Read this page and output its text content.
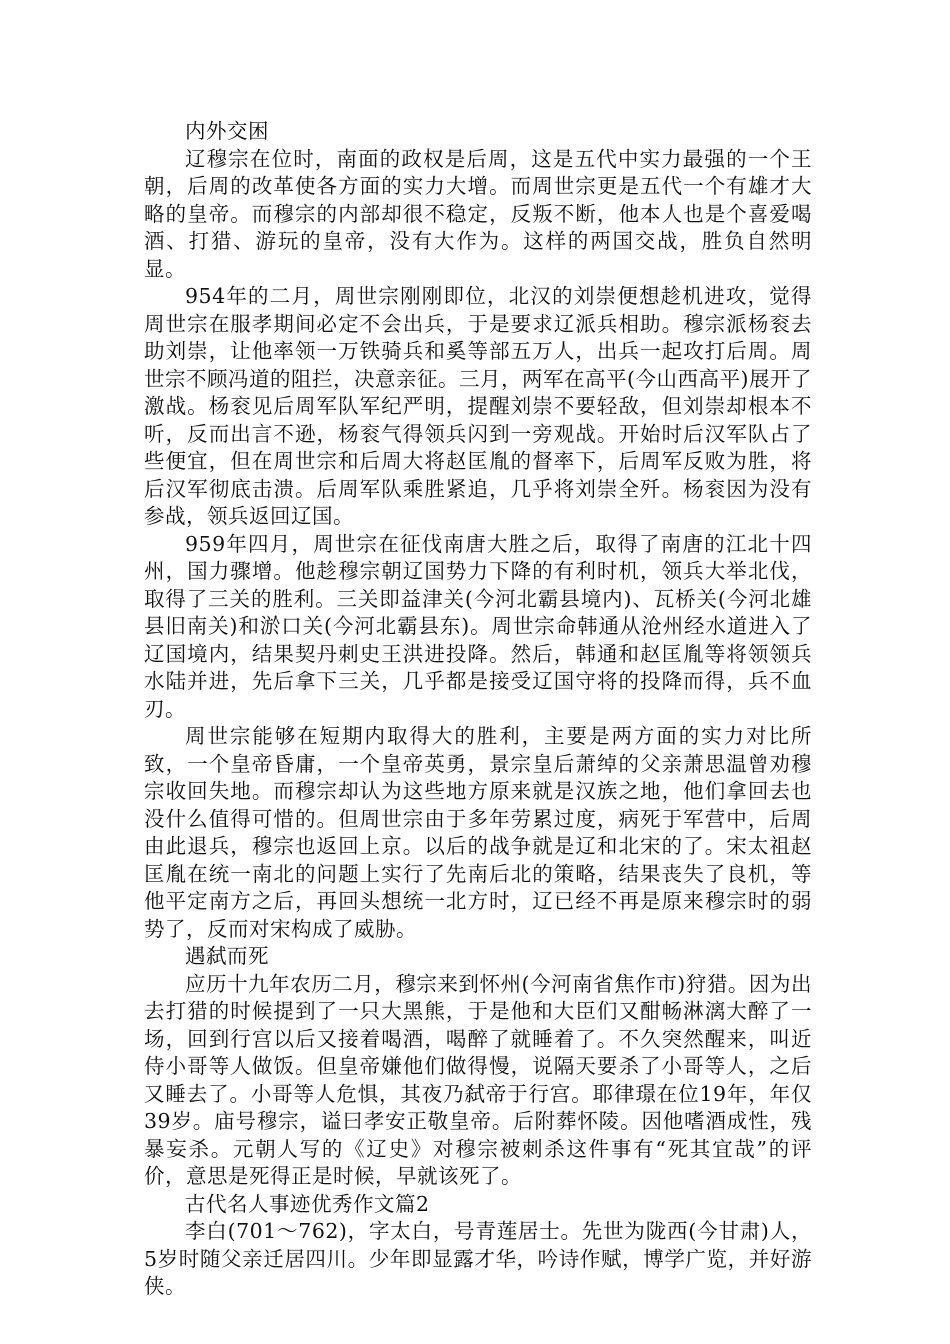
内外交困

辽穆宗在位时，南面的政权是后周，这是五代中实力最强的一个王朝，后周的改革使各方面的实力大增。而周世宗更是五代一个有雄才大略的皇帝。而穆宗的内部却很不稳定，反叛不断，他本人也是个喜爱喝酒、打猎、游玩的皇帝，没有大作为。这样的两国交战，胜负自然明显。

954年的二月，周世宗刚刚即位，北汉的刘崇便想趁机进攻，觉得周世宗在服孝期间必定不会出兵，于是要求辽派兵相助。穆宗派杨衮去助刘崇，让他率领一万铁骑兵和奚等部五万人，出兵一起攻打后周。周世宗不顾冯道的阻拦，决意亲征。三月，两军在高平(今山西高平)展开了激战。杨衮见后周军队军纪严明，提醒刘崇不要轻敌，但刘崇却根本不听，反而出言不逊，杨衮气得领兵闪到一旁观战。开始时后汉军队占了些便宜，但在周世宗和后周大将赵匡胤的督率下，后周军反败为胜，将后汉军彻底击溃。后周军队乘胜紧追，几乎将刘崇全歼。杨衮因为没有参战，领兵返回辽国。

959年四月，周世宗在征伐南唐大胜之后，取得了南唐的江北十四州，国力骤增。他趁穆宗朝辽国势力下降的有利时机，领兵大举北伐，取得了三关的胜利。三关即益津关(今河北霸县境内)、瓦桥关(今河北雄县旧南关)和淤口关(今河北霸县东)。周世宗命韩通从沧州经水道进入了辽国境内，结果契丹刺史王洪进投降。然后，韩通和赵匡胤等将领领兵水陆并进，先后拿下三关，几乎都是接受辽国守将的投降而得，兵不血刃。

周世宗能够在短期内取得大的胜利，主要是两方面的实力对比所致，一个皇帝昏庸，一个皇帝英勇，景宗皇后萧绰的父亲萧思温曾劝穆宗收回失地。而穆宗却认为这些地方原来就是汉族之地，他们拿回去也没什么值得可惜的。但周世宗由于多年劳累过度，病死于军营中，后周由此退兵，穆宗也返回上京。以后的战争就是辽和北宋的了。宋太祖赵匡胤在统一南北的问题上实行了先南后北的策略，结果丧失了良机，等他平定南方之后，再回头想统一北方时，辽已经不再是原来穆宗时的弱势了，反而对宋构成了威胁。

遇弑而死

应历十九年农历二月，穆宗来到怀州(今河南省焦作市)狩猎。因为出去打猎的时候提到了一只大黑熊，于是他和大臣们又酣畅淋漓大醉了一场，回到行宫以后又接着喝酒，喝醉了就睡着了。不久突然醒来，叫近侍小哥等人做饭。但皇帝嫌他们做得慢，说隔天要杀了小哥等人，之后又睡去了。小哥等人危惧，其夜乃弑帝于行宫。耶律璟在位19年，年仅39岁。庙号穆宗，谥曰孝安正敬皇帝。后附葬怀陵。因他嗜酒成性，残暴妄杀。元朝人写的《辽史》对穆宗被刺杀这件事有“死其宜哉”的评价，意思是死得正是时候，早就该死了。

古代名人事迹优秀作文篇2

李白(701～762)，字太白，号青莲居士。先世为陇西(今甘肃)人，5岁时随父亲迁居四川。少年即显露才华，吟诗作赋，博学广览，并好游侠。
